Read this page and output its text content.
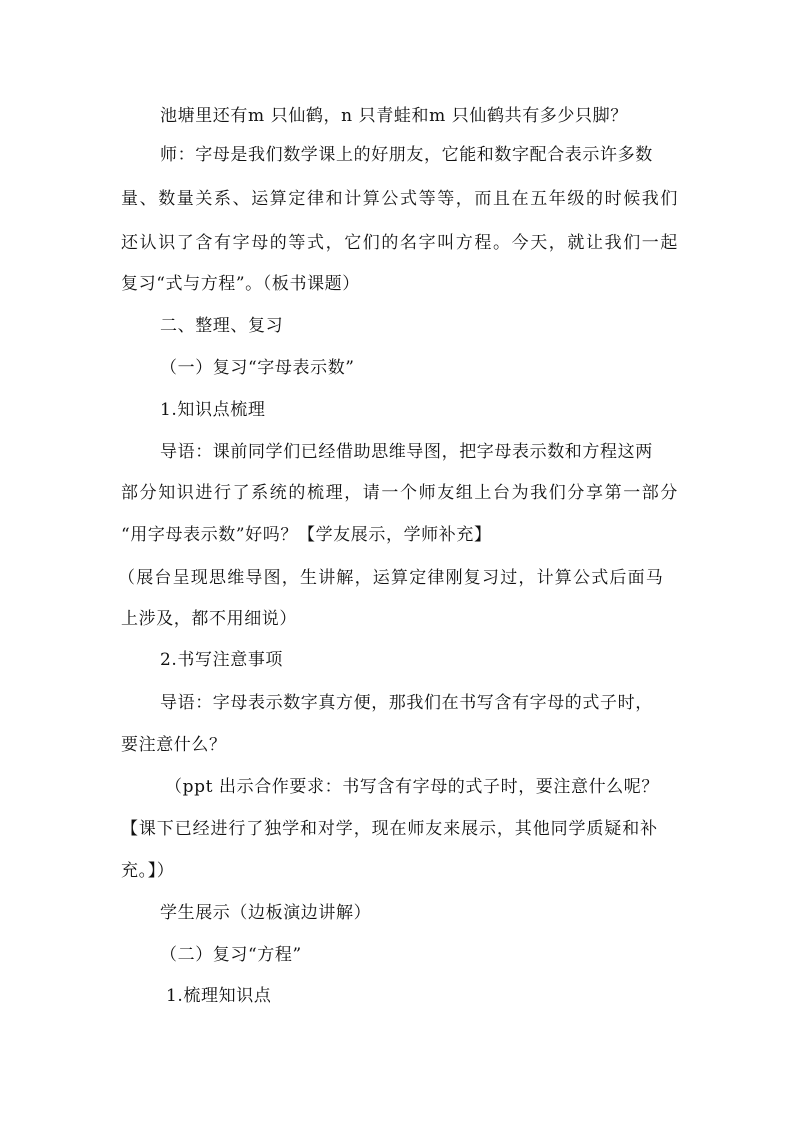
池塘里还有m 只仙鹤，n 只青蛙和m 只仙鹤共有多少只脚？
师：字母是我们数学课上的好朋友，它能和数字配合表示许多数
量、数量关系、运算定律和计算公式等等，而且在五年级的时候我们
还认识了含有字母的等式，它们的名字叫方程。今天，就让我们一起
复习“式与方程”。（板书课题）
二、整理、复习
（一）复习“字母表示数”
1.知识点梳理
导语：课前同学们已经借助思维导图，把字母表示数和方程这两
部分知识进行了系统的梳理，请一个师友组上台为我们分享第一部分
“用字母表示数”好吗？【学友展示，学师补充】
（展台呈现思维导图，生讲解，运算定律刚复习过，计算公式后面马
上涉及，都不用细说）
2.书写注意事项
导语：字母表示数字真方便，那我们在书写含有字母的式子时，
要注意什么？
（ppt 出示合作要求：书写含有字母的式子时，要注意什么呢？
【课下已经进行了独学和对学，现在师友来展示，其他同学质疑和补
充。】）
学生展示（边板演边讲解）
（二）复习“方程”
1.梳理知识点
